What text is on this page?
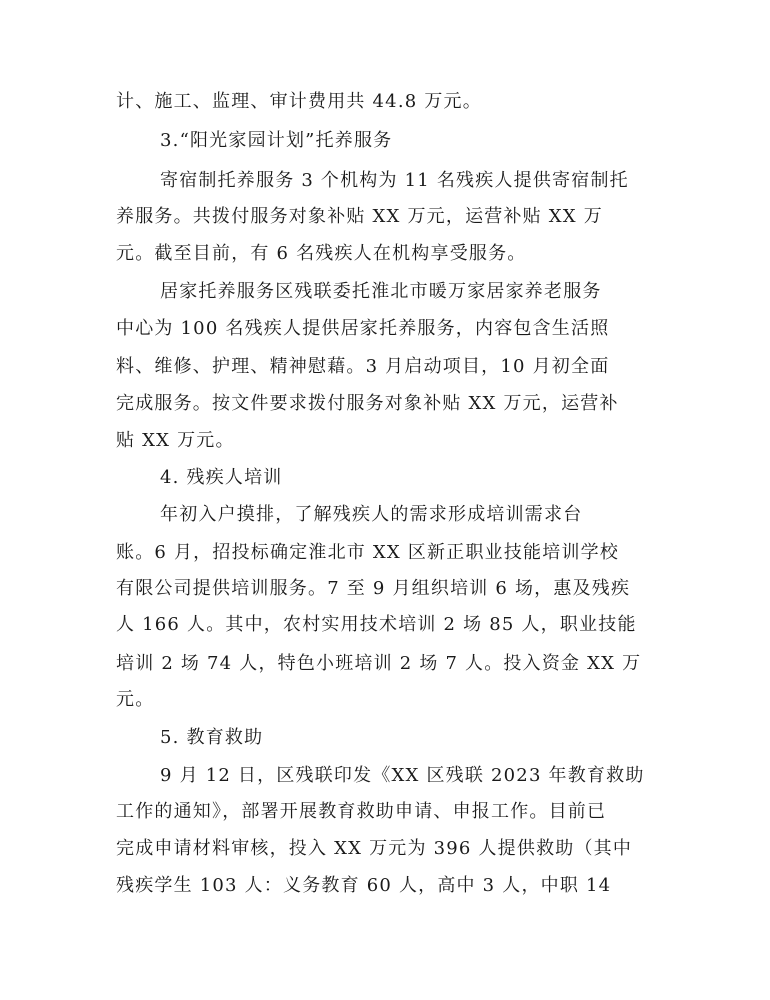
计、施工、监理、审计费用共 44.8 万元。
3.“阳光家园计划”托养服务
寄宿制托养服务 3 个机构为 11 名残疾人提供寄宿制托
养服务。共拨付服务对象补贴 XX 万元，运营补贴 XX 万
元。截至目前，有 6 名残疾人在机构享受服务。
居家托养服务区残联委托淮北市暖万家居家养老服务
中心为 100 名残疾人提供居家托养服务，内容包含生活照
料、维修、护理、精神慰藉。3 月启动项目，10 月初全面
完成服务。按文件要求拨付服务对象补贴 XX 万元，运营补
贴 XX 万元。
4. 残疾人培训
年初入户摸排，了解残疾人的需求形成培训需求台
账。6 月，招投标确定淮北市 XX 区新正职业技能培训学校
有限公司提供培训服务。7 至 9 月组织培训 6 场，惠及残疾
人 166 人。其中，农村实用技术培训 2 场 85 人，职业技能
培训 2 场 74 人，特色小班培训 2 场 7 人。投入资金 XX 万
元。
5. 教育救助
9 月 12 日，区残联印发《XX 区残联 2023 年教育救助
工作的通知》，部署开展教育救助申请、申报工作。目前已
完成申请材料审核，投入 XX 万元为 396 人提供救助（其中
残疾学生 103 人：义务教育 60 人，高中 3 人，中职 14
